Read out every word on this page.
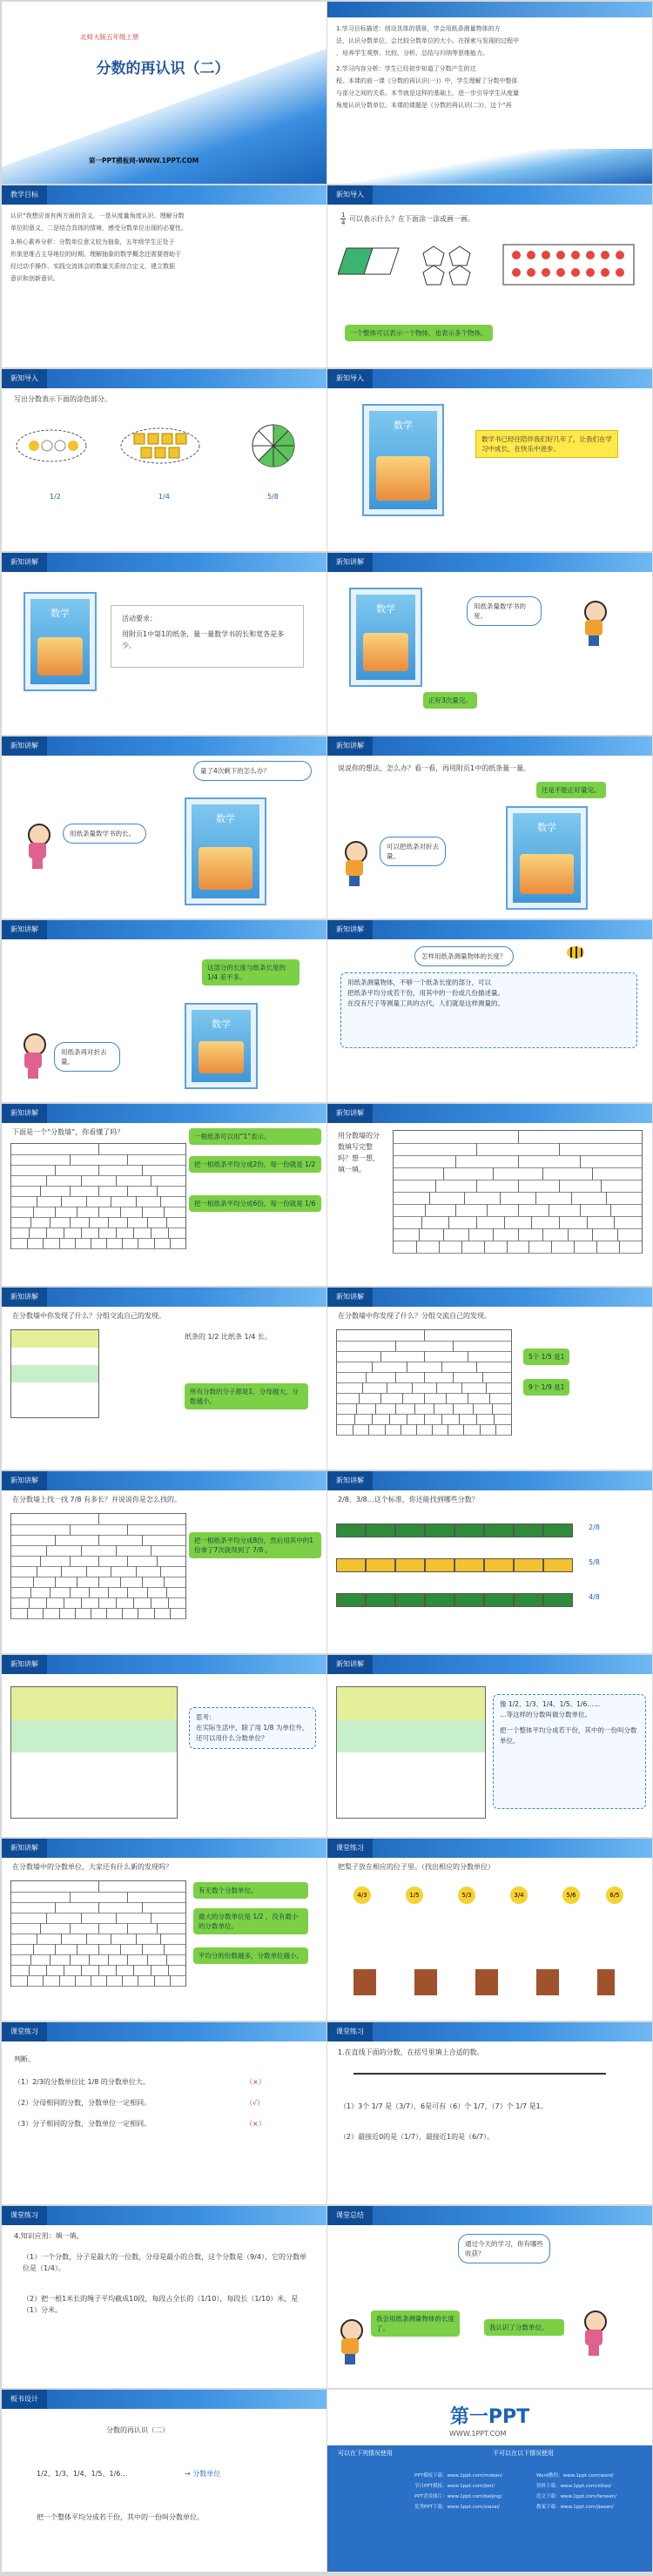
北师大版五年级上册
分数的再认识（二）
第一PPT模板网-WWW.1PPT.COM
1.学习目标描述：创设具体的情景，学会用纸条测量物体的方
法，认识分数单位，会比较分数单位的大小。在探索与发现的过程中
，培养学生观察、比较、分析、总结与归纳等思维能力。
2.学习内容分析：学生已经初步知道了分数产生的过
程。本课的前一课《分数的再认识(一)》中，学生理解了分数中整体
与部分之间的关系。本节就是这样的基础上，进一步引导学生从度量
角度认识分数单位。本课的课题是《分数的再认识(二)》，这个“再
教学目标
认识”我想应该有两方面的含义，一是从度量角度认识、理解分数
单位的意义，二是结合具体的情境，感受分数单位出现的必要性。
3.核心素养分析：分数单位意义较为抽象，五年级学生正处于
形象思维占主导地位的时期，理解抽象的数学概念还需要借助于
经过动手操作、实践交流体会的数量关系综合定义，建立数据
意识和创新意识。
新知导入
$\frac{1}{4}$ 可以表示什么？在下面涂一涂或画一画。
一个整体可以表示一个物体，也表示多个物体。
新知导入
写出分数表示下面的涂色部分。
1/2	1/4	5/8
新知导入
数学
数学书已经往陪伴我们好几年了，让我们在学习中成长，在快乐中进步。
新知讲解
数学	活动要求：
用附页1中第1的纸条，量一量数学书的长和宽各是多少。
新知讲解
数学	用纸条量数学书的宽。
正好3次量完。
新知讲解
量了4次剩下的怎么办？
用纸条量数学书的长。
数学
新知讲解
说说你的想法，怎么办？看一看，再用附页1中的纸条量一量。
还是不能正好量完。
可以把纸条对折去量。
数学
新知讲解
用纸条再对折去量。
这部分的长度与纸条长度的 1/4 差不多。
数学
新知讲解
怎样用纸条测量物体的长度？
用纸条测量物体，不够一个纸条长度的部分，可以
把纸条平均分成若干份，用其中的一份或几份描述量。
在没有尺子等测量工具的古代，人们就是这样测量的。
新知讲解
下面是一个“分数墙”，你看懂了吗？
一根纸条可以用“1”表示。
把一根纸条平均分成2份，每一份就是 1/2
把一根纸条平均分成6份，每一份就是 1/6
新知讲解
用分数墙的分数填写完整吗？想一想，填一填。
新知讲解
在分数墙中你发现了什么？分组交流自己的发现。
纸条的 1/2 比纸条 1/4 长。
所有分数的分子都是1，分母越大，分数越小。
新知讲解
在分数墙中你发现了什么？分组交流自己的发现。
5个 1/5 是1
9个 1/9 是1
新知讲解
在分数墙上找一找 7/8 有多长？并说说你是怎么找的。
把一根纸条平均分成8份，然后用其中的1份拿了7次就得到了 7/8 。
新知讲解
2/8、3/8…这个标准，你还能找到哪些分数？
2/8
5/8
4/8
新知讲解
思考：
在实际生活中，除了用 1/8 为单位外，还可以用什么分数单位？
新知讲解
像 1/2、1/3、1/4、1/5、1/6……
…等这样的分数叫做分数单位。
把一个整体平均分成若干份，其中的一份叫分数单位。
新知讲解
在分数墙中的分数单位，大家还有什么新的发现吗？
有无数个分数单位。
最大的分数单位是 1/2 ，没有最小的分数单位。
平均分的份数越多，分数单位越小。
课堂练习
把梨子放在相应的位子里。（找出相应的分数单位）
4/3	1/5	5/3	3/4	5/6	6/5
课堂练习
判断。
（1）2/3的分数单位比 1/8 的分数单位大。	（×）
（2）分母相同的分数，分数单位一定相同。	（√）
（3）分子相同的分数，分数单位一定相同。	（×）
课堂练习
1.在直线下面的分数，在括号里填上合适的数。
（1）3个 1/7 是（3/7），6是可有（6）个 1/7，（7）个 1/7 是1。
（2）最接近0的是（1/7），最接近1的是（6/7）。
课堂练习
4.知识应用：填一填。
（1）一个分数，分子是最大的一位数，分母是最小的合数，这个分数是（9/4），它的分数单位是（1/4）。
（2）把一根1米长的绳子平均截成10段，每段占全长的（1/10），每段长（1/10）米，是（1）分米。
课堂总结
通过今天的学习，你有哪些收获？
我会用纸条测量物体的长度了。	我认识了分数单位。
板书设计
分数的再认识（二）
1/2、1/3、1/4、1/5、1/6…	→ 分数单位
把一个整体平均分成若干份，其中的一份叫分数单位。
第一PPT
WWW.1PPT.COM
可以在下列情况使用	不可以在以下情况使用
PPT模板下载：www.1ppt.com/moban/
节日PPT模板：www.1ppt.com/jieri/
PPT背景图片：www.1ppt.com/beijing/
优秀PPT下载：www.1ppt.com/xiazai/
Word教程：www.1ppt.com/word/
资料下载：www.1ppt.com/ziliao/
范文下载：www.1ppt.com/fanwen/
教案下载：www.1ppt.com/jiaoan/
